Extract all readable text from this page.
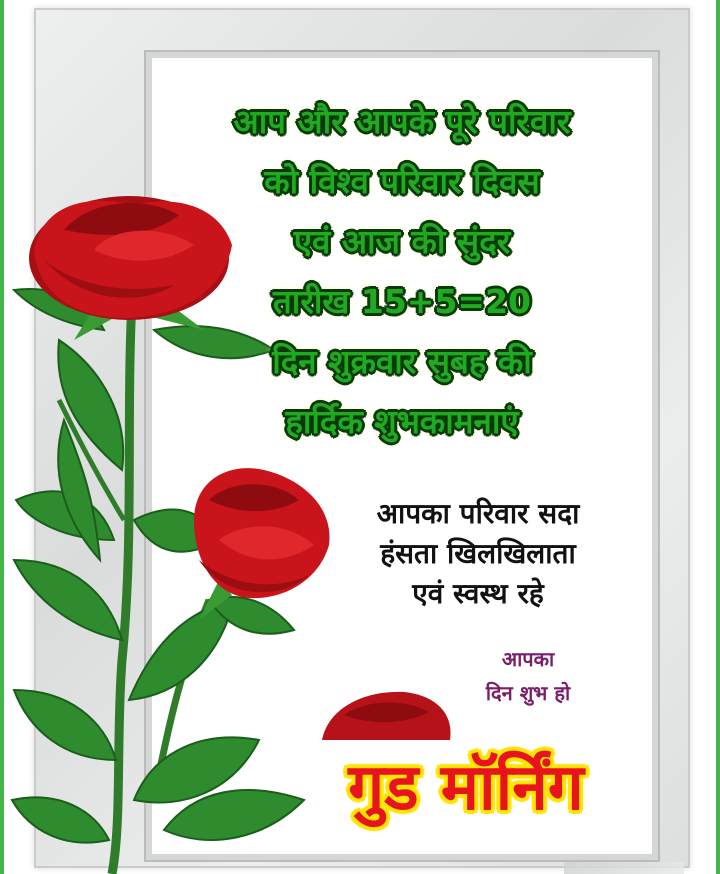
आप और आपके पूरे परिवार
को विश्व परिवार दिवस
एवं आज की सुंदर
तारीख 15+5=20
दिन शुक्रवार सुबह की
हार्दिक शुभकामनाएं
आपका परिवार सदा
हंसता खिलखिलाता
एवं स्वस्थ रहे
आपका
दिन शुभ हो
गुड मॉर्निंग
